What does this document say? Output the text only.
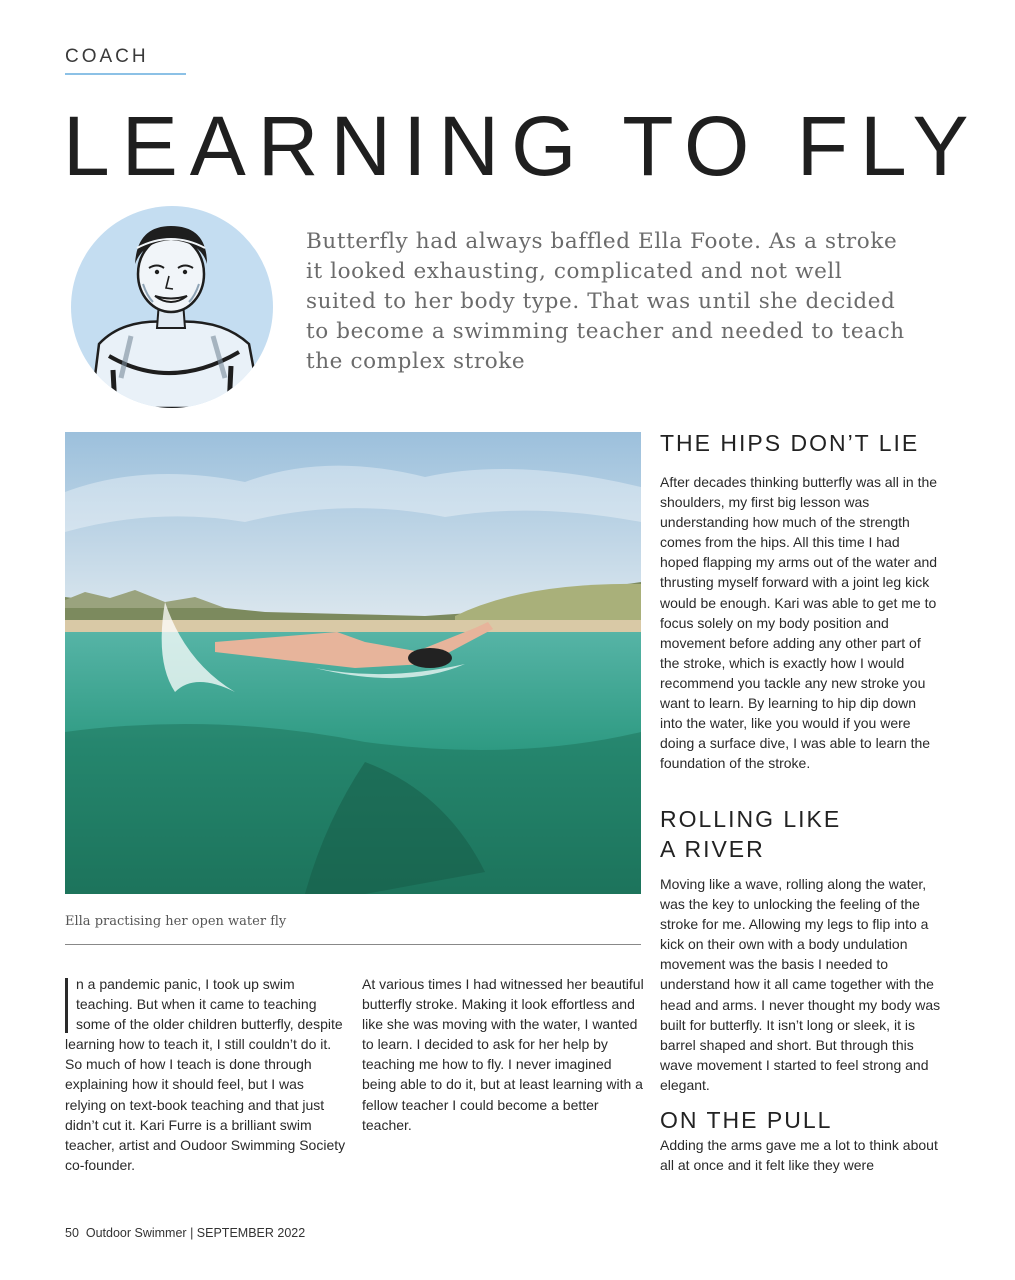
COACH
LEARNING TO FLY

Butterfly had always baffled Ella Foote. As a stroke it looked exhausting, complicated and not well suited to her body type. That was until she decided to become a swimming teacher and needed to teach the complex stroke

Ella practising her open water fly
n a pandemic panic, I took up swim teaching. But when it came to teaching some of the older children butterfly, despite learning how to teach it, I still couldn’t do it. So much of how I teach is done through explaining how it should feel, but I was relying on text-book teaching and that just didn’t cut it. Kari Furre is a brilliant swim teacher, artist and Oudoor Swimming Society co-founder.

At various times I had witnessed her beautiful butterfly stroke. Making it look effortless and like she was moving with the water, I wanted to learn. I decided to ask for her help by teaching me how to fly. I never imagined being able to do it, but at least learning with a fellow teacher I could become a better teacher.

THE HIPS DON’T LIE

After decades thinking butterfly was all in the shoulders, my first big lesson was understanding how much of the strength comes from the hips. All this time I had hoped flapping my arms out of the water and thrusting myself forward with a joint leg kick would be enough. Kari was able to get me to focus solely on my body position and movement before adding any other part of the stroke, which is exactly how I would recommend you tackle any new stroke you want to learn. By learning to hip dip down into the water, like you would if you were doing a surface dive, I was able to learn the foundation of the stroke.

ROLLING LIKE
A RIVER

Moving like a wave, rolling along the water, was the key to unlocking the feeling of the stroke for me. Allowing my legs to flip into a kick on their own with a body undulation movement was the basis I needed to understand how it all came together with the head and arms. I never thought my body was built for butterfly. It isn’t long or sleek, it is barrel shaped and short. But through this wave movement I started to feel strong and elegant.

ON THE PULL

Adding the arms gave me a lot to think about all at once and it felt like they were

50 Outdoor Swimmer | SEPTEMBER 2022
